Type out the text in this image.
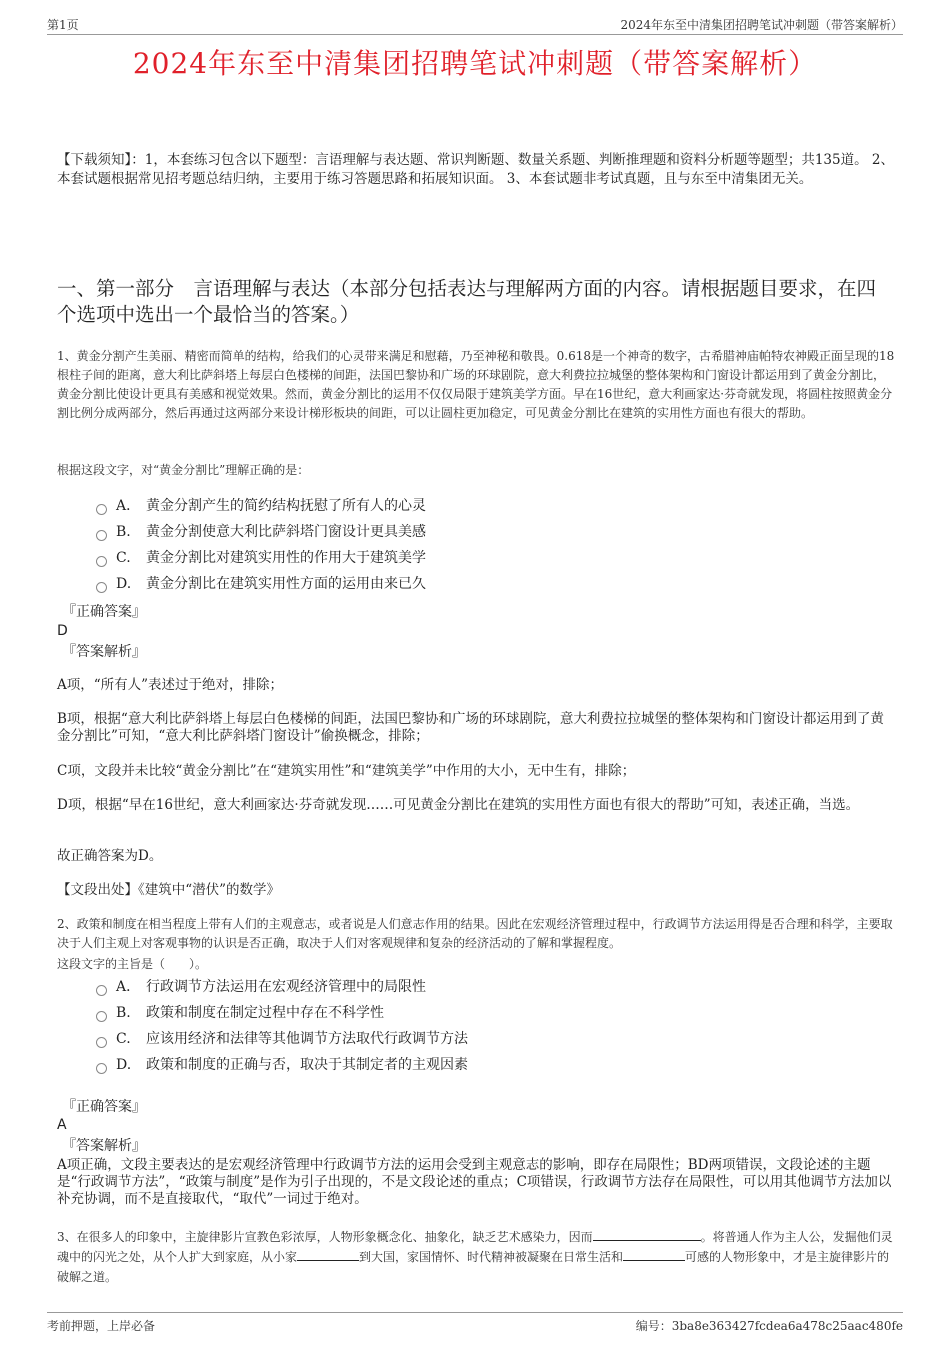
第1页	2024年东至中清集团招聘笔试冲刺题（带答案解析）
2024年东至中清集团招聘笔试冲刺题（带答案解析）

【下载须知】：1，本套练习包含以下题型：言语理解与表达题、常识判断题、数量关系题、判断推理题和资料分析题等题型；共135道。 2、本套试题根据常见招考题总结归纳，主要用于练习答题思路和拓展知识面。 3、本套试题非考试真题，且与东至中清集团无关。

一、第一部分　言语理解与表达（本部分包括表达与理解两方面的内容。请根据题目要求，在四个选项中选出一个最恰当的答案。）

1、黄金分割产生美丽、精密而简单的结构，给我们的心灵带来满足和慰藉，乃至神秘和敬畏。0.618是一个神奇的数字，古希腊神庙帕特农神殿正面呈现的18根柱子间的距离，意大利比萨斜塔上每层白色楼梯的间距，法国巴黎协和广场的环球剧院，意大利费拉拉城堡的整体架构和门窗设计都运用到了黄金分割比，黄金分割比使设计更具有美感和视觉效果。然而，黄金分割比的运用不仅仅局限于建筑美学方面。早在16世纪，意大利画家达·芬奇就发现，将圆柱按照黄金分割比例分成两部分，然后再通过这两部分来设计梯形板块的间距，可以让圆柱更加稳定，可见黄金分割比在建筑的实用性方面也有很大的帮助。

根据这段文字，对“黄金分割比”理解正确的是：

A． 黄金分割产生的简约结构抚慰了所有人的心灵
B. 黄金分割使意大利比萨斜塔门窗设计更具美感
C. 黄金分割比对建筑实用性的作用大于建筑美学
D. 黄金分割比在建筑实用性方面的运用由来已久
『正确答案』
D
『答案解析』

A项，“所有人”表述过于绝对，排除；

B项，根据“意大利比萨斜塔上每层白色楼梯的间距，法国巴黎协和广场的环球剧院，意大利费拉拉城堡的整体架构和门窗设计都运用到了黄金分割比”可知，“意大利比萨斜塔门窗设计”偷换概念，排除；

C项，文段并未比较“黄金分割比”在“建筑实用性”和“建筑美学”中作用的大小，无中生有，排除；

D项，根据“早在16世纪，意大利画家达·芬奇就发现……可见黄金分割比在建筑的实用性方面也有很大的帮助”可知，表述正确，当选。

故正确答案为D。

【文段出处】《建筑中“潜伏”的数学》

2、政策和制度在相当程度上带有人们的主观意志，或者说是人们意志作用的结果。因此在宏观经济管理过程中，行政调节方法运用得是否合理和科学，主要取决于人们主观上对客观事物的认识是否正确，取决于人们对客观规律和复杂的经济活动的了解和掌握程度。

这段文字的主旨是（　　）。

A． 行政调节方法运用在宏观经济管理中的局限性
B. 政策和制度在制定过程中存在不科学性
C. 应该用经济和法律等其他调节方法取代行政调节方法
D. 政策和制度的正确与否，取决于其制定者的主观因素
『正确答案』
A
『答案解析』

A项正确，文段主要表达的是宏观经济管理中行政调节方法的运用会受到主观意志的影响，即存在局限性；BD两项错误，文段论述的主题是“行政调节方法”，“政策与制度”是作为引子出现的，不是文段论述的重点；C项错误，行政调节方法存在局限性，可以用其他调节方法加以补充协调，而不是直接取代，“取代”一词过于绝对。

3、在很多人的印象中，主旋律影片宣教色彩浓厚，人物形象概念化、抽象化，缺乏艺术感染力，因而	。将普通人作为主人公，发掘他们灵魂中的闪光之处，从个人扩大到家庭，从小家	到大国，家国情怀、时代精神被凝聚在日常生活和	可感的人物形象中，才是主旋律影片的破解之道。

考前押题，上岸必备	编号：3ba8e363427fcdea6a478c25aac480fe
